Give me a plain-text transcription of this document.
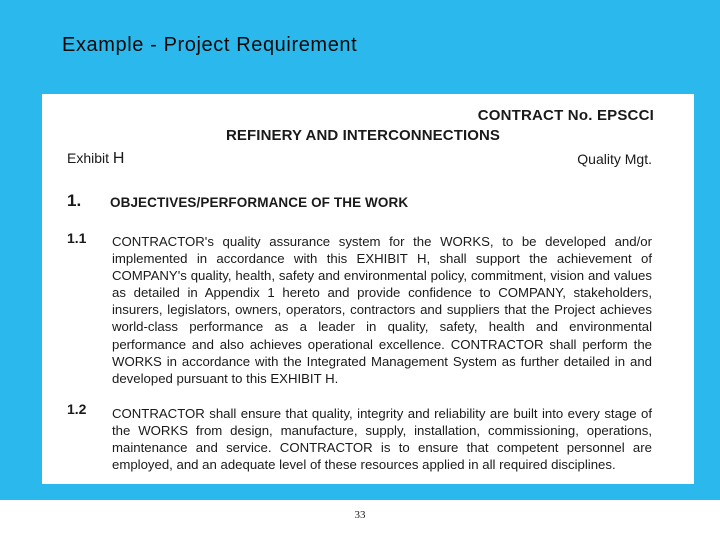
Example - Project Requirement
CONTRACT No. EPSCCI
REFINERY AND INTERCONNECTIONS
Exhibit H	Quality Mgt.
1. OBJECTIVES/PERFORMANCE OF THE WORK
1.1 CONTRACTOR's quality assurance system for the WORKS, to be developed and/or implemented in accordance with this EXHIBIT H, shall support the achievement of COMPANY's quality, health, safety and environmental policy, commitment, vision and values as detailed in Appendix 1 hereto and provide confidence to COMPANY, stakeholders, insurers, legislators, owners, operators, contractors and suppliers that the Project achieves world-class performance as a leader in quality, safety, health and environmental performance and also achieves operational excellence. CONTRACTOR shall perform the WORKS in accordance with the Integrated Management System as further detailed in and developed pursuant to this EXHIBIT H.

1.2 CONTRACTOR shall ensure that quality, integrity and reliability are built into every stage of the WORKS from design, manufacture, supply, installation, commissioning, operations, maintenance and service. CONTRACTOR is to ensure that competent personnel are employed, and an adequate level of these resources applied in all required disciplines.

33
